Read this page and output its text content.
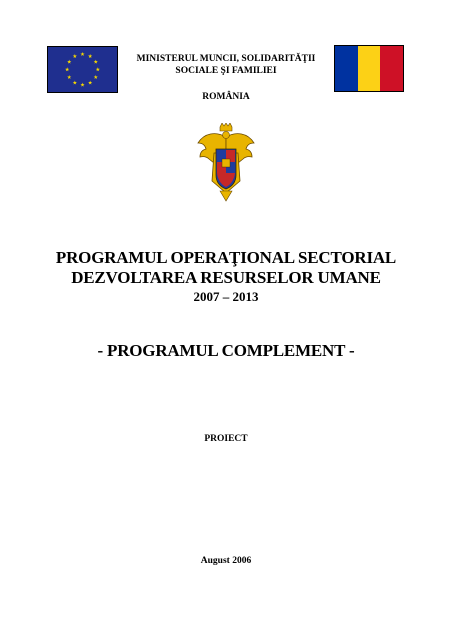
MINISTERUL MUNCII, SOLIDARITĂŢII
SOCIALE ŞI FAMILIEI
ROMÂNIA
PROGRAMUL OPERAŢIONAL SECTORIAL
DEZVOLTAREA RESURSELOR UMANE
2007 – 2013
- PROGRAMUL COMPLEMENT -
PROIECT
August 2006
